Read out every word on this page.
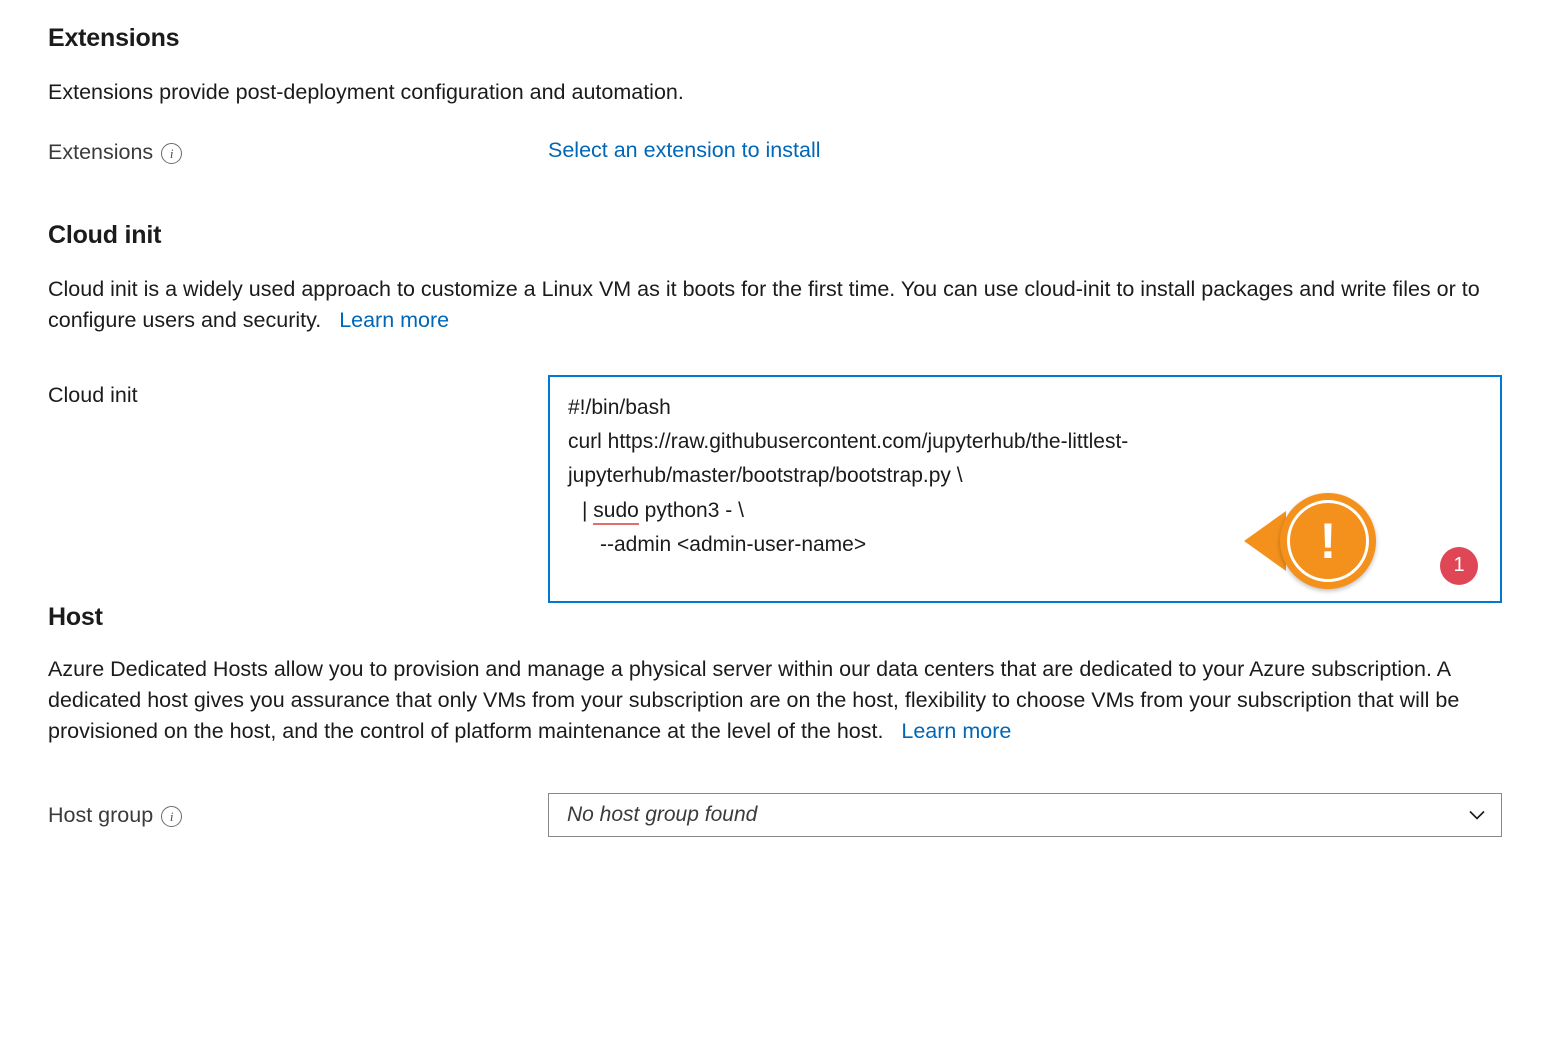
Extensions
Extensions provide post-deployment configuration and automation.
Extensions	i	Select an extension to install
Cloud init
Cloud init is a widely used approach to customize a Linux VM as it boots for the first time. You can use cloud-init to install packages and write files or to configure users and security. Learn more
Cloud init
#!/bin/bash
curl https://raw.githubusercontent.com/jupyterhub/the-littlest-jupyterhub/master/bootstrap/bootstrap.py \
| sudo python3 - \
--admin <admin-user-name>	!	1
Host
Azure Dedicated Hosts allow you to provision and manage a physical server within our data centers that are dedicated to your Azure subscription. A dedicated host gives you assurance that only VMs from your subscription are on the host, flexibility to choose VMs from your subscription that will be provisioned on the host, and the control of platform maintenance at the level of the host. Learn more
Host group	i	No host group found
